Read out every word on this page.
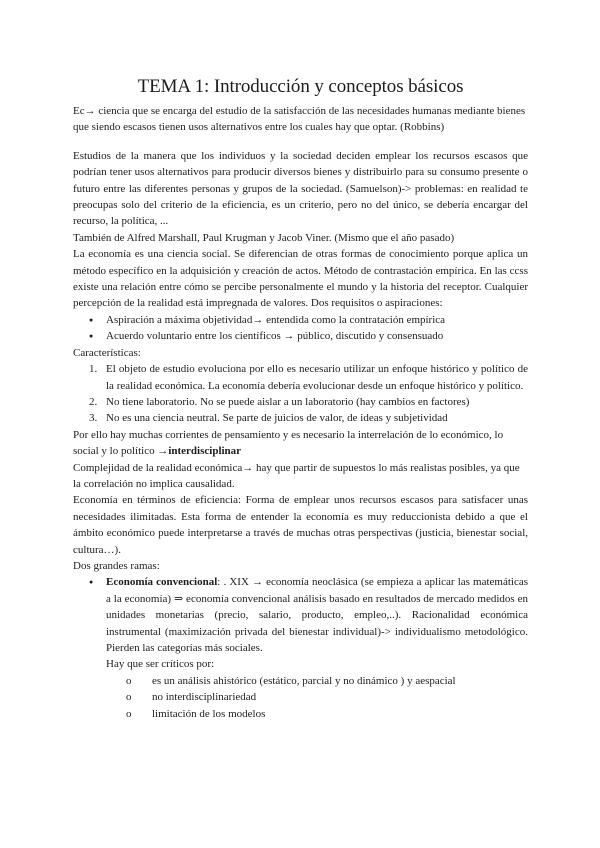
TEMA 1: Introducción y conceptos básicos

Ec→ ciencia que se encarga del estudio de la satisfacción de las necesidades humanas mediante bienes que siendo escasos tienen usos alternativos entre los cuales hay que optar. (Robbins)

Estudios de la manera que los individuos y la sociedad deciden emplear los recursos escasos que podrían tener usos alternativos para producir diversos bienes y distribuirlo para su consumo presente o futuro entre las diferentes personas y grupos de la sociedad. (Samuelson)-> problemas: en realidad te preocupas solo del criterio de la eficiencia, es un criterio, pero no del único, se debería encargar del recurso, la política, ...

También de Alfred Marshall, Paul Krugman y Jacob Viner. (Mismo que el año pasado)

La economía es una ciencia social. Se diferencian de otras formas de conocimiento porque aplica un método específico en la adquisición y creación de actos. Método de contrastación empírica. En las ccss existe una relación entre cómo se percibe personalmente el mundo y la historia del receptor. Cualquier percepción de la realidad está impregnada de valores. Dos requisitos o aspiraciones:

● Aspiración a máxima objetividad→ entendida como la contratación empírica
● Acuerdo voluntario entre los científicos → público, discutido y consensuado

Características:

1. El objeto de estudio evoluciona por ello es necesario utilizar un enfoque histórico y político de la realidad económica. La economía debería evolucionar desde un enfoque histórico y político.
2. No tiene laboratorio. No se puede aislar a un laboratorio (hay cambios en factores)
3. No es una ciencia neutral. Se parte de juicios de valor, de ideas y subjetividad

Por ello hay muchas corrientes de pensamiento y es necesario la interrelación de lo económico, lo social y lo político →interdisciplinar

Complejidad de la realidad económica→ hay que partir de supuestos lo más realistas posibles, ya que la correlación no implica causalidad.

Economía en términos de eficiencia: Forma de emplear unos recursos escasos para satisfacer unas necesidades ilimitadas. Esta forma de entender la economía es muy reduccionista debido a que el ámbito económico puede interpretarse a través de muchas otras perspectivas (justicia, bienestar social, cultura…).

Dos grandes ramas:

● Economía convencional: . XIX → economía neoclásica (se empieza a aplicar las matemáticas a la economía) ⇒ economía convencional análisis basado en resultados de mercado medidos en unidades monetarias (precio, salario, producto, empleo,..). Racionalidad económica instrumental (maximización privada del bienestar individual)-> individualismo metodológico. Pierden las categorías más sociales.

Hay que ser críticos por:

o es un análisis ahistórico (estático, parcial y no dinámico ) y aespacial
o no interdisciplinariedad
o limitación de los modelos
